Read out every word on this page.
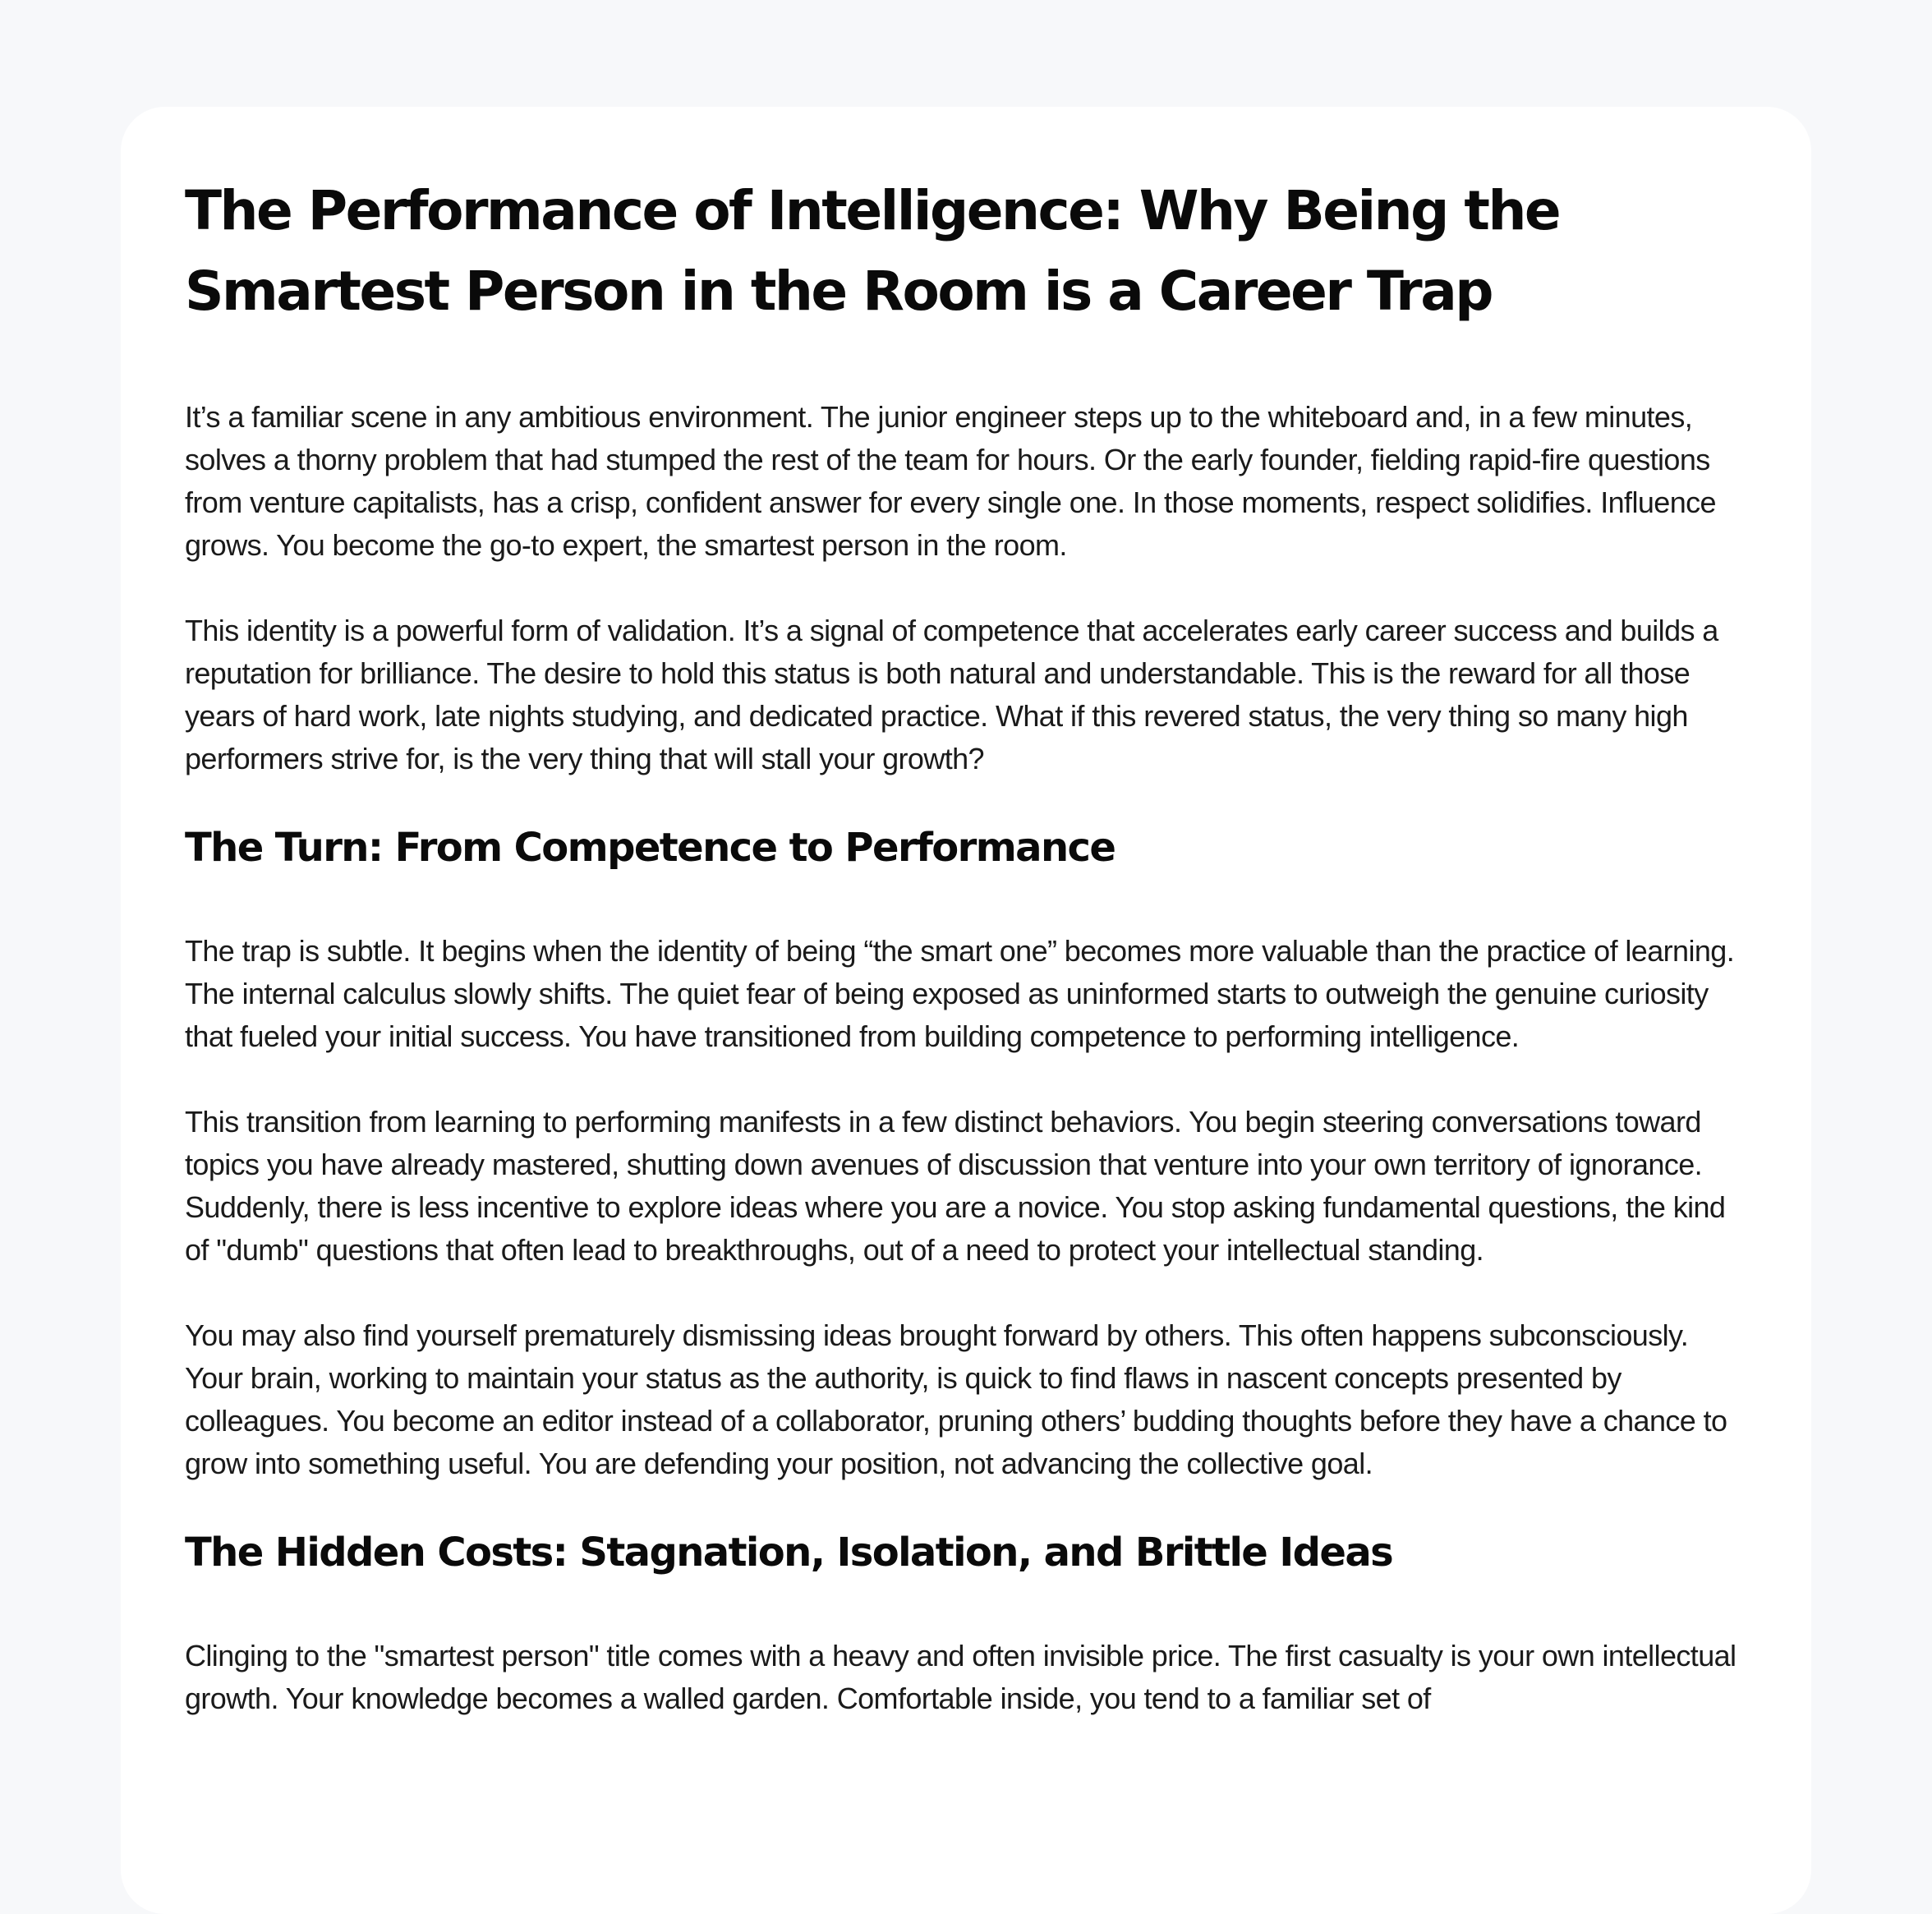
The Performance of Intelligence: Why Being the Smartest Person in the Room is a Career Trap

It’s a familiar scene in any ambitious environment. The junior engineer steps up to the whiteboard and, in a few minutes, solves a thorny problem that had stumped the rest of the team for hours. Or the early founder, fielding rapid-fire questions from venture capitalists, has a crisp, confident answer for every single one. In those moments, respect solidifies. Influence grows. You become the go-to expert, the smartest person in the room.

This identity is a powerful form of validation. It’s a signal of competence that accelerates early career success and builds a reputation for brilliance. The desire to hold this status is both natural and understandable. This is the reward for all those years of hard work, late nights studying, and dedicated practice. What if this revered status, the very thing so many high performers strive for, is the very thing that will stall your growth?

The Turn: From Competence to Performance

The trap is subtle. It begins when the identity of being “the smart one” becomes more valuable than the practice of learning. The internal calculus slowly shifts. The quiet fear of being exposed as uninformed starts to outweigh the genuine curiosity that fueled your initial success. You have transitioned from building competence to performing intelligence.

This transition from learning to performing manifests in a few distinct behaviors. You begin steering conversations toward topics you have already mastered, shutting down avenues of discussion that venture into your own territory of ignorance. Suddenly, there is less incentive to explore ideas where you are a novice. You stop asking fundamental questions, the kind of "dumb" questions that often lead to breakthroughs, out of a need to protect your intellectual standing.

You may also find yourself prematurely dismissing ideas brought forward by others. This often happens subconsciously. Your brain, working to maintain your status as the authority, is quick to find flaws in nascent concepts presented by colleagues. You become an editor instead of a collaborator, pruning others’ budding thoughts before they have a chance to grow into something useful. You are defending your position, not advancing the collective goal.

The Hidden Costs: Stagnation, Isolation, and Brittle Ideas

Clinging to the "smartest person" title comes with a heavy and often invisible price. The first casualty is your own intellectual growth. Your knowledge becomes a walled garden. Comfortable inside, you tend to a familiar set of
